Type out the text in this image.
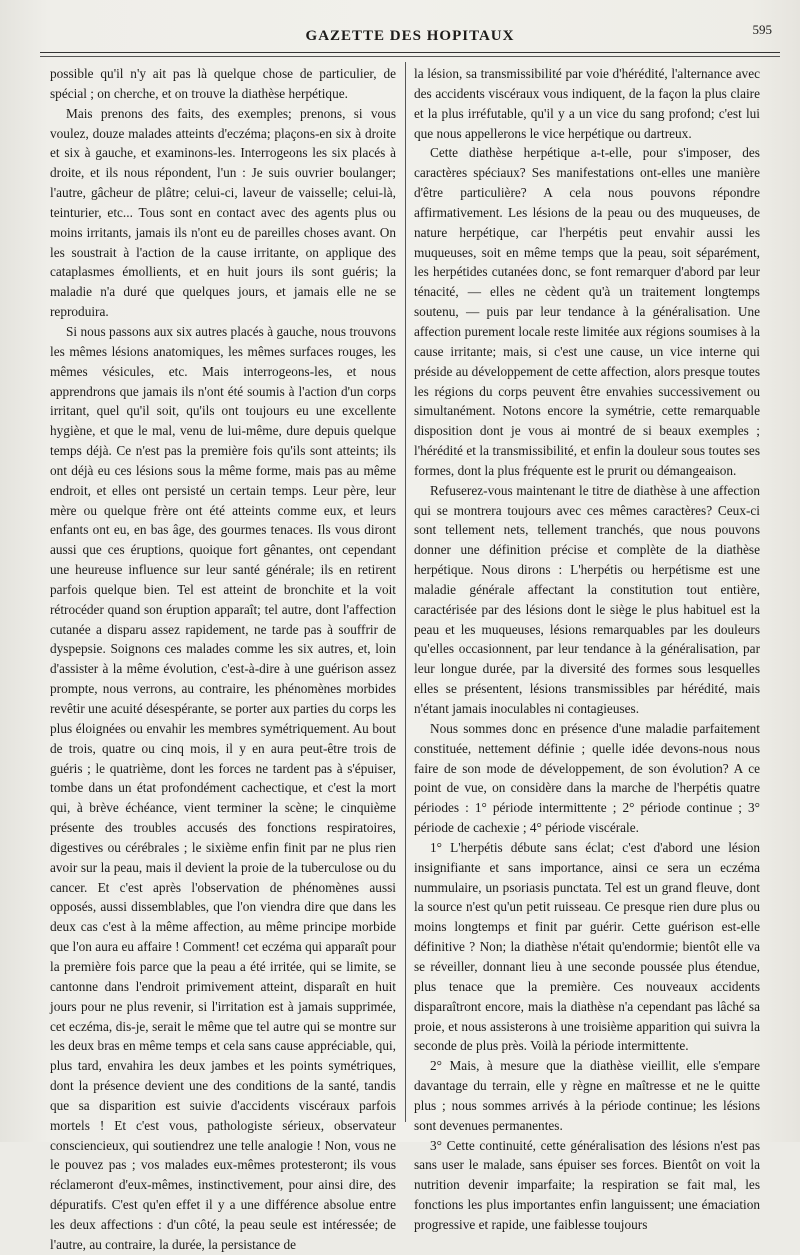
GAZETTE DES HOPITAUX	595

possible qu'il n'y ait pas là quelque chose de particulier, de spécial ; on cherche, et on trouve la diathèse herpétique.

Mais prenons des faits, des exemples; prenons, si vous voulez, douze malades atteints d'eczéma; plaçons-en six à droite et six à gauche, et examinons-les. Interrogeons les six placés à droite, et ils nous répondent, l'un : Je suis ouvrier boulanger; l'autre, gâcheur de plâtre; celui-ci, laveur de vaisselle; celui-là, teinturier, etc... Tous sont en contact avec des agents plus ou moins irritants, jamais ils n'ont eu de pareilles choses avant. On les soustrait à l'action de la cause irritante, on applique des cataplasmes émollients, et en huit jours ils sont guéris; la maladie n'a duré que quelques jours, et jamais elle ne se reproduira.

Si nous passons aux six autres placés à gauche, nous trouvons les mêmes lésions anatomiques, les mêmes surfaces rouges, les mêmes vésicules, etc. Mais interrogeons-les, et nous apprendrons que jamais ils n'ont été soumis à l'action d'un corps irritant, quel qu'il soit, qu'ils ont toujours eu une excellente hygiène, et que le mal, venu de lui-même, dure depuis quelque temps déjà. Ce n'est pas la première fois qu'ils sont atteints; ils ont déjà eu ces lésions sous la même forme, mais pas au même endroit, et elles ont persisté un certain temps. Leur père, leur mère ou quelque frère ont été atteints comme eux, et leurs enfants ont eu, en bas âge, des gourmes tenaces. Ils vous diront aussi que ces éruptions, quoique fort gênantes, ont cependant une heureuse influence sur leur santé générale; ils en retirent parfois quelque bien. Tel est atteint de bronchite et la voit rétrocéder quand son éruption apparaît; tel autre, dont l'affection cutanée a disparu assez rapidement, ne tarde pas à souffrir de dyspepsie. Soignons ces malades comme les six autres, et, loin d'assister à la même évolution, c'est-à-dire à une guérison assez prompte, nous verrons, au contraire, les phénomènes morbides revêtir une acuité désespérante, se porter aux parties du corps les plus éloignées ou envahir les membres symétriquement. Au bout de trois, quatre ou cinq mois, il y en aura peut-être trois de guéris ; le quatrième, dont les forces ne tardent pas à s'épuiser, tombe dans un état profondément cachectique, et c'est la mort qui, à brève échéance, vient terminer la scène; le cinquième présente des troubles accusés des fonctions respiratoires, digestives ou cérébrales ; le sixième enfin finit par ne plus rien avoir sur la peau, mais il devient la proie de la tuberculose ou du cancer. Et c'est après l'observation de phénomènes aussi opposés, aussi dissemblables, que l'on viendra dire que dans les deux cas c'est à la même affection, au même principe morbide que l'on aura eu affaire ! Comment! cet eczéma qui apparaît pour la première fois parce que la peau a été irritée, qui se limite, se cantonne dans l'endroit primivement atteint, disparaît en huit jours pour ne plus revenir, si l'irritation est à jamais supprimée, cet eczéma, dis-je, serait le même que tel autre qui se montre sur les deux bras en même temps et cela sans cause appréciable, qui, plus tard, envahira les deux jambes et les points symétriques, dont la présence devient une des conditions de la santé, tandis que sa disparition est suivie d'accidents viscéraux parfois mortels ! Et c'est vous, pathologiste sérieux, observateur consciencieux, qui soutiendrez une telle analogie ! Non, vous ne le pouvez pas ; vos malades eux-mêmes protesteront; ils vous réclameront d'eux-mêmes, instinctivement, pour ainsi dire, des dépuratifs. C'est qu'en effet il y a une différence absolue entre les deux affections : d'un côté, la peau seule est intéressée; de l'autre, au contraire, la durée, la persistance de

la lésion, sa transmissibilité par voie d'hérédité, l'alternance avec des accidents viscéraux vous indiquent, de la façon la plus claire et la plus irréfutable, qu'il y a un vice du sang profond; c'est lui que nous appellerons le vice herpétique ou dartreux.

Cette diathèse herpétique a-t-elle, pour s'imposer, des caractères spéciaux? Ses manifestations ont-elles une manière d'être particulière? A cela nous pouvons répondre affirmativement. Les lésions de la peau ou des muqueuses, de nature herpétique, car l'herpétis peut envahir aussi les muqueuses, soit en même temps que la peau, soit séparément, les herpétides cutanées donc, se font remarquer d'abord par leur ténacité, — elles ne cèdent qu'à un traitement longtemps soutenu, — puis par leur tendance à la généralisation. Une affection purement locale reste limitée aux régions soumises à la cause irritante; mais, si c'est une cause, un vice interne qui préside au développement de cette affection, alors presque toutes les régions du corps peuvent être envahies successivement ou simultanément. Notons encore la symétrie, cette remarquable disposition dont je vous ai montré de si beaux exemples ; l'hérédité et la transmissibilité, et enfin la douleur sous toutes ses formes, dont la plus fréquente est le prurit ou démangeaison.

Refuserez-vous maintenant le titre de diathèse à une affection qui se montrera toujours avec ces mêmes caractères? Ceux-ci sont tellement nets, tellement tranchés, que nous pouvons donner une définition précise et complète de la diathèse herpétique. Nous dirons : L'herpétis ou herpétisme est une maladie générale affectant la constitution tout entière, caractérisée par des lésions dont le siège le plus habituel est la peau et les muqueuses, lésions remarquables par les douleurs qu'elles occasionnent, par leur tendance à la généralisation, par leur longue durée, par la diversité des formes sous lesquelles elles se présentent, lésions transmissibles par hérédité, mais n'étant jamais inoculables ni contagieuses.

Nous sommes donc en présence d'une maladie parfaitement constituée, nettement définie ; quelle idée devons-nous nous faire de son mode de développement, de son évolution? A ce point de vue, on considère dans la marche de l'herpétis quatre périodes : 1° période intermittente ; 2° période continue ; 3° période de cachexie ; 4° période viscérale.

1° L'herpétis débute sans éclat; c'est d'abord une lésion insignifiante et sans importance, ainsi ce sera un eczéma nummulaire, un psoriasis punctata. Tel est un grand fleuve, dont la source n'est qu'un petit ruisseau. Ce presque rien dure plus ou moins longtemps et finit par guérir. Cette guérison est-elle définitive ? Non; la diathèse n'était qu'endormie; bientôt elle va se réveiller, donnant lieu à une seconde poussée plus étendue, plus tenace que la première. Ces nouveaux accidents disparaîtront encore, mais la diathèse n'a cependant pas lâché sa proie, et nous assisterons à une troisième apparition qui suivra la seconde de plus près. Voilà la période intermittente.

2° Mais, à mesure que la diathèse vieillit, elle s'empare davantage du terrain, elle y règne en maîtresse et ne le quitte plus ; nous sommes arrivés à la période continue; les lésions sont devenues permanentes.

3° Cette continuité, cette généralisation des lésions n'est pas sans user le malade, sans épuiser ses forces. Bientôt on voit la nutrition devenir imparfaite; la respiration se fait mal, les fonctions les plus importantes enfin languissent; une émaciation progressive et rapide, une faiblesse toujours
